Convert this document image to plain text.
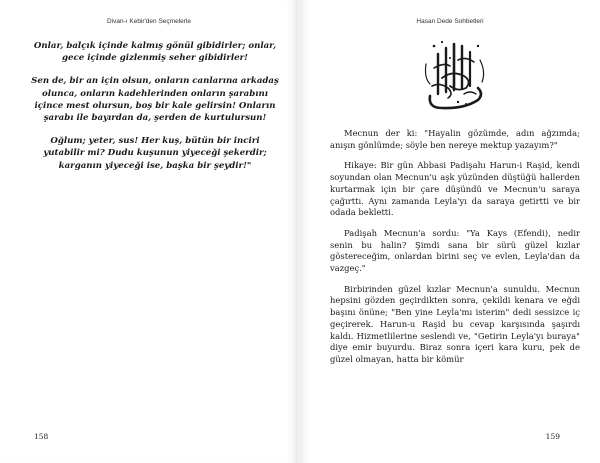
Divan-ı Kebir'den Seçmelerle

Onlar, balçık içinde kalmış gönül gibidirler; onlar, gece içinde gizlenmiş seher gibidirler!

Sen de, bir an için olsun, onların canlarına arkadaş olunca, onların kadehlerinden onların şarabını içince mest olursun, boş bir kale gelirsin! Onların şarabı ile bayırdan da, şerden de kurtulursun!

Oğlum; yeter, sus! Her kuş, bütün bir inciri yutabilir mi? Dudu kuşunun yiyeceği şekerdir; karganın yiyeceği ise, başka bir şeydir!"

158
Hasan Dede Sohbetleri

Mecnun der ki: "Hayalin gözümde, adın ağzımda; anışın gönlümde; söyle ben nereye mektup yazayım?"

Hikaye: Bir gün Abbasi Padişahı Harun-i Raşid, kendi soyundan olan Mecnun'u aşk yüzünden düştüğü hallerden kurtarmak için bir çare düşündü ve Mecnun'u saraya çağırttı. Aynı zamanda Leyla'yı da saraya getirtti ve bir odada bekletti.

Padişah Mecnun'a sordu: "Ya Kays (Efendi), nedir senin bu halin? Şimdi sana bir sürü güzel kızlar göstereceğim, onlardan birini seç ve evlen, Leyla'dan da vazgeç."

Birbirinden güzel kızlar Mecnun'a sunuldu. Mecnun hepsini gözden geçirdikten sonra, çekildi kenara ve eğdi başını önüne; "Ben yine Leyla'mı isterim" dedi sessizce iç geçirerek. Harun-u Raşid bu cevap karşısında şaşırdı kaldı. Hizmetlilerine seslendi ve, "Getirin Leyla'yı buraya" diye emir buyurdu. Biraz sonra içeri kara kuru, pek de güzel olmayan, hatta bir kömür

159
